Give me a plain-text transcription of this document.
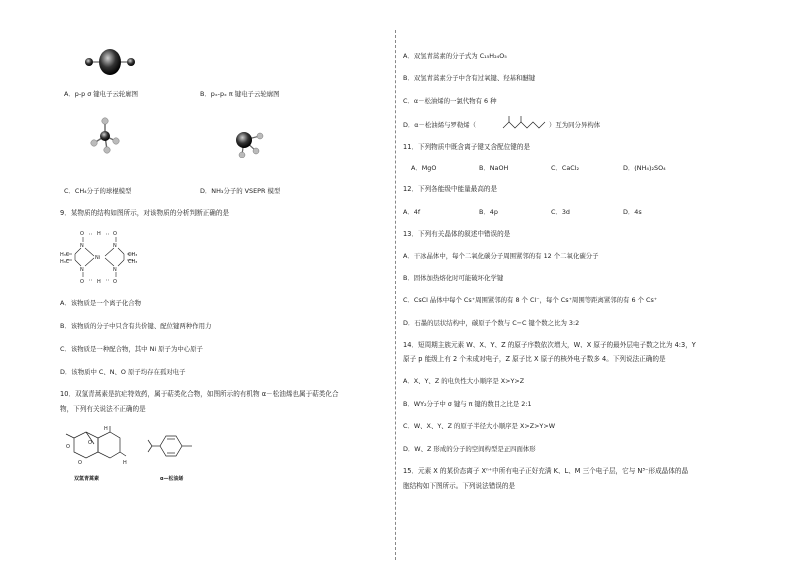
A．p-p σ 键电子云轮廓图	B．pₓ-pₓ π 键电子云轮廓图
C．CH₄分子的球棍模型	D．NH₃分子的 VSEPR 模型
9．某物质的结构如图所示，对该物质的分析判断正确的是
O	H O
N	N
Ni
N	N
O	H O
H₃C
H₃C
CH₃
CH₃
A．该物质是一个离子化合物
B．该物质的分子中只含有共价键、配位键两种作用力
C．该物质是一种配合物，其中 Ni 原子为中心原子
D．该物质中 C、N、O 原子均存在孤对电子
10．双氢青蒿素是抗疟特效药，属于萜类化合物，如图所示的有机物 α－松油烯也属于萜类化合
物，下列有关说法不正确的是
O
O
O
H
H
双氢青蒿素	α—松油烯
A．双氢青蒿素的分子式为 C₁₅H₂₄O₅
B．双氢青蒿素分子中含有过氧键、羟基和醚键
C．α－松油烯的一氯代物有 6 种
D．α－松油烯与罗勒烯（	）互为同分异构体
11．下列物质中既含离子键又含配位键的是
A．MgO	B．NaOH	C．CaCl₂	D．(NH₄)₂SO₄
12．下列各能级中能量最高的是
A．4f	B．4p	C．3d	D．4s
13．下列有关晶体的叙述中错误的是
A．干冰晶体中，每个二氧化碳分子周围紧邻的有 12 个二氧化碳分子
B．固体加热熔化时可能破坏化学键
C．CsCl 晶体中每个 Cs⁺周围紧邻的有 8 个 Cl⁻，每个 Cs⁺周围等距离紧邻的有 6 个 Cs⁺
D．石墨的层状结构中，碳原子个数与 C−C 键个数之比为 3:2
14．短周期主族元素 W、X、Y、Z 的原子序数依次增大，W、X 原子的最外层电子数之比为 4:3，Y
原子 p 能级上有 2 个未成对电子，Z 原子比 X 原子的核外电子数多 4。下列说法正确的是
A．X、Y、Z 的电负性大小顺序是 X>Y>Z
B．WY₂分子中 σ 键与 π 键的数目之比是 2:1
C．W、X、Y、Z 的原子半径大小顺序是 X>Z>Y>W
D．W、Z 形成的分子的空间构型是正四面体形
15．元素 X 的某价态离子 Xⁿ⁺中所有电子正好充满 K、L、M 三个电子层，它与 N³⁻形成晶体的晶
胞结构如下图所示。下列说法错误的是
